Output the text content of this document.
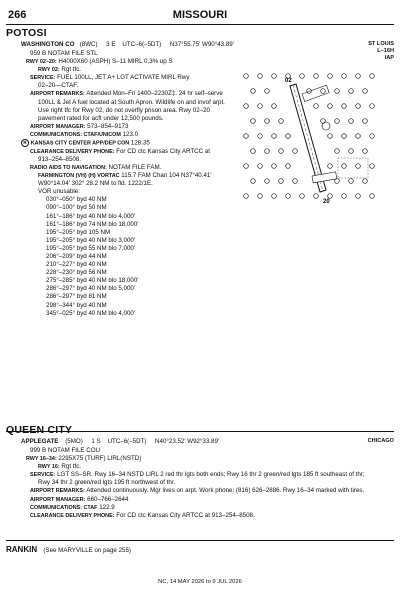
266	MISSOURI
POTOSI
WASHINGTON CO (8WC) 3 E UTC–6(–5DT) N37°55.75′ W90°43.89′	ST LOUIS
L–16H
IAP
959 B NOTAM FILE STL
RWY 02–20: H4000X60 (ASPH) S–11 MIRL 0.3% up S
RWY 02: Rgt tfc.
SERVICE: FUEL 100LL, JET A+ LGT ACTIVATE MIRL Rwy
02–20—CTAF.
AIRPORT REMARKS: Attended Mon–Fri 1400–2230Z‡. 24 hr self–serve
100LL & Jet A fuel located at South Apron. Wildlife on and invof arpt.
Use right tfc for Rwy 02, do not overfly prison area. Rwy 02–20
pavement rated for acft under 12,500 pounds.
AIRPORT MANAGER: 573–854–9173
COMMUNICATIONS: CTAF/UNICOM 123.0
R KANSAS CITY CENTER APP/DEP CON 128.35
CLEARANCE DELIVERY PHONE: For CD ctc Kansas City ARTCC at
913–254–8508.
RADIO AIDS TO NAVIGATION: NOTAM FILE FAM.
FARMINGTON (VH) (H) VORTAC 115.7 FAM Chan 104 N37°40.41′
W90°14.04′ 302° 28.2 NM to fld. 1222/1E.
VOR unusable:
030°–050° byd 40 NM
090°–100° byd 50 NM
161°–186° byd 40 NM blo 4,000′
161°–186° byd 74 NM blo 18,000′
195°–205° byd 105 NM
195°–205° byd 40 NM blo 3,000′
195°–205° byd 55 NM blo 7,000′
206°–209° byd 44 NM
210°–227° byd 40 NM
228°–230° byd 56 NM
275°–285° byd 40 NM blo 18,000′
286°–297° byd 40 NM blo 5,000′
286°–297° byd 81 NM
298°–344° byd 40 NM
345°–025° byd 40 NM blo 4,000′
02
20
QUEEN CITY
APPLEGATE (5MO) 1 S UTC–6(–5DT) N40°23.52′ W92°33.89′	CHICAGO
999 B NOTAM FILE COU
RWY 16–34: 2295X75 (TURF) LIRL(NSTD)
RWY 16: Rgt tfc.
SERVICE: LGT SS–SR. Rwy 16–34 NSTD LIRL 2 red thr lgts both ends; Rwy 16 thr 2 green/red lgts 185 ft southeast of thr;
Rwy 34 thr 2 green/red lgts 195 ft northwest of thr.
AIRPORT REMARKS: Attended continuously. Mgr lives on arpt. Work phone: (816) 626–2886. Rwy 16–34 marked with tires.
AIRPORT MANAGER: 660–766–2644
COMMUNICATIONS: CTAF 122.9
CLEARANCE DELIVERY PHONE: For CD ctc Kansas City ARTCC at 913–254–8508.
RANKIN (See MARYVILLE on page 255)
NC, 14 MAY 2026 to 9 JUL 2026
